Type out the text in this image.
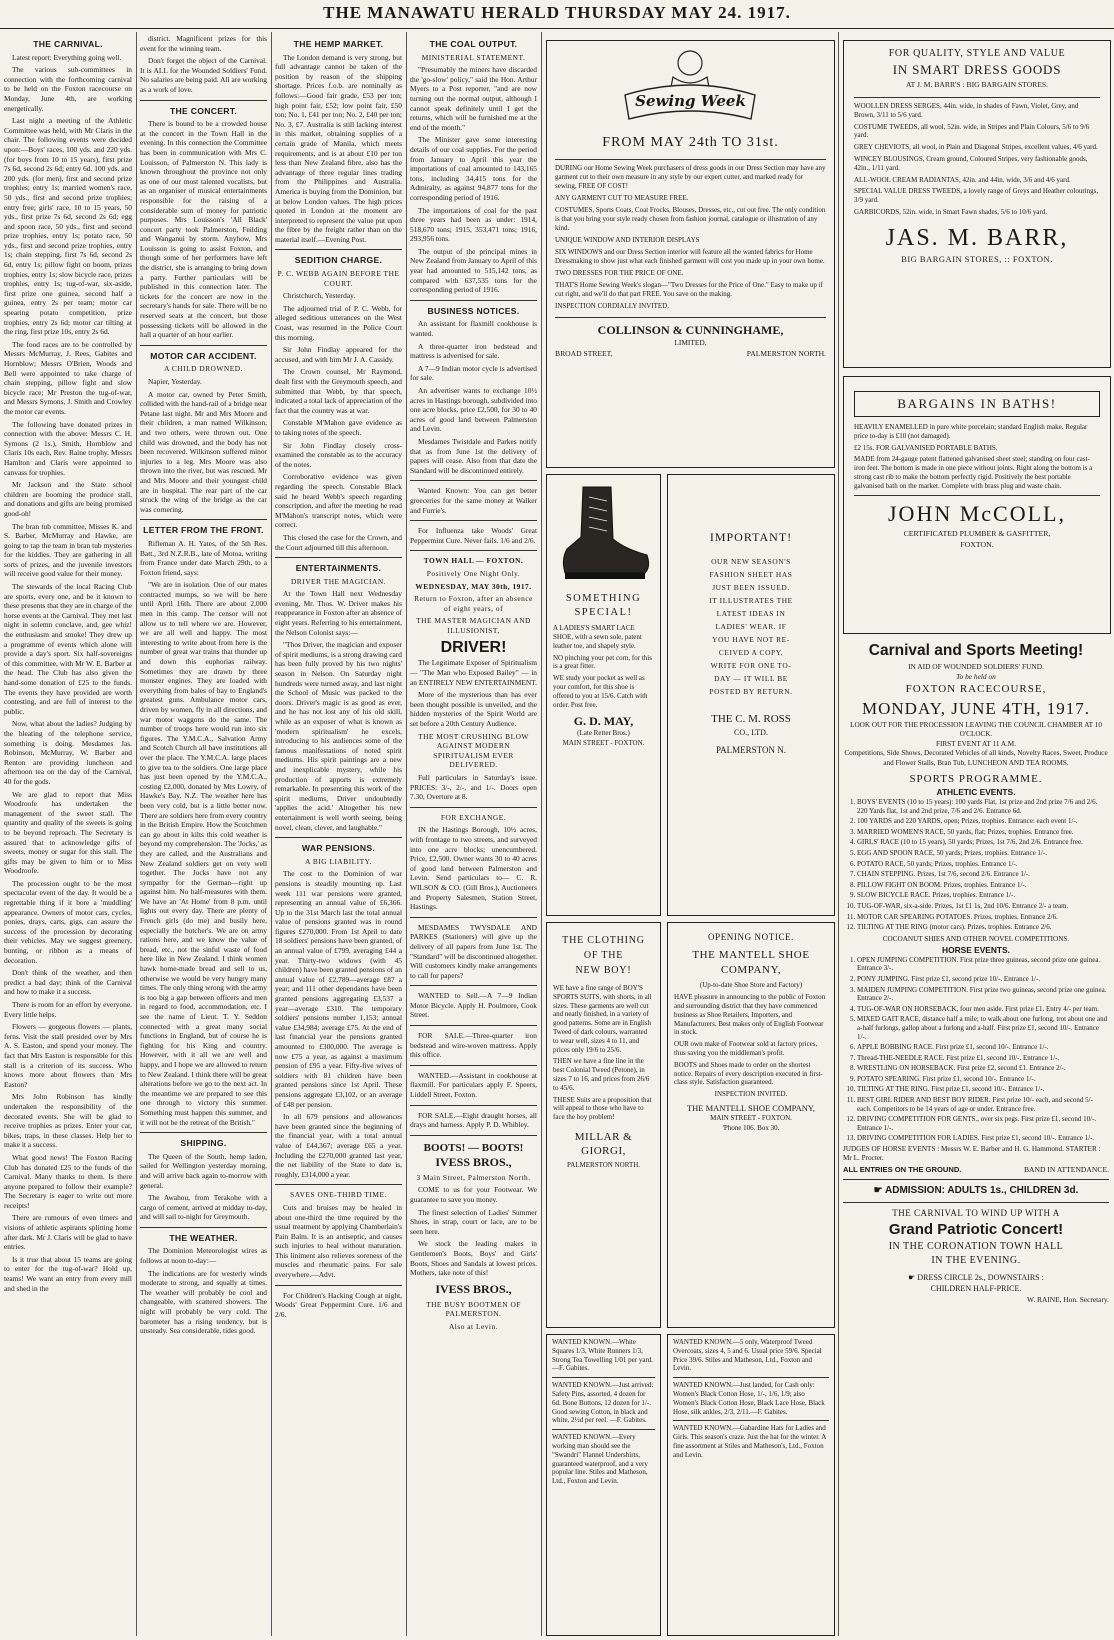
THE MANAWATU HERALD THURSDAY MAY 24. 1917.
THE CARNIVAL.

Latest report: Everything going well.

The various sub-committees in connection with the forthcoming carnival to be held on the Foxton racecourse on Monday, June 4th, are working energetically.

Last night a meeting of the Athletic Committee was held, with Mr Claris in the chair. The following events were decided upon:—Boys' races, 100 yds. and 220 yds. (for boys from 10 to 15 years), first prize 7s 6d, second 2s 6d; entry 6d. 100 yds. and 200 yds. (for men), first and second prize trophies; entry 1s; married women's race, 50 yds., first and second prize trophies; entry free; girls' race, 10 to 15 years, 50 yds., first prize 7s 6d, second 2s 6d; egg and spoon race, 50 yds., first and second prize trophies, entry 1s; potato race, 50 yds., first and second prize trophies, entry 1s; chain stepping, first 7s 6d, second 2s 6d, entry 1s; pillow fight on boom, prizes trophies, entry 1s; slow bicycle race, prizes trophies, entry 1s; tug-of-war, six-aside, first prize one guinea, second half a guinea, entry 2s per team; motor car spearing potato competition, prize trophies, entry 2s 6d; motor car tilting at the ring, first prize 10s, entry 2s 6d.

The food races are to be controlled by Messrs McMurray, J. Rees, Gabites and Hornblow; Messrs O'Brien, Woods and Bell were appointed to take charge of chain stepping, pillow fight and slow bicycle race; Mr Preston the tug-of-war, and Messrs Symons, J. Smith and Crowley the motor car events.

The following have donated prizes in connection with the above: Messrs C. H. Symons (2 1s.), Smith, Hornblow and Claris 10s each, Rev. Raine trophy. Messrs Hamlton and Claris were appointed to canvass for trophies.

Mr Jackson and the State school children are booming the produce stall, and donations and gifts are being promised good-oh!

The bran tub committee, Misses K. and S. Barber, McMurray and Hawke, are going to tap the team in bran tub mysteries for the kiddies. They are gathering in all sorts of prizes, and the juvenile investors will receive good value for their money.

The stewards of the local Racing Club are sports, every one, and be it known to these presents that they are in charge of the horse events at the Carnival. They met last night in solemn conclave, and, gee whiz! the enthusiasm and smoke! They drew up a programme of events which alone will provide a day's sport. Six half-sovereigns of this committee, with Mr W. E. Barber at the head. The Club has also given the hand-some donation of £25 to the funds. The events they have provided are worth contesting, and are full of interest to the public.

Now, what about the ladies? Judging by the bleating of the telephone service, something is doing. Mesdames Jas. Robinson, McMurray, W. Barber and Renton are providing luncheon and afternoon tea on the day of the Carnival, 40 for the gods.

We are glad to report that Miss Woodroofe has undertaken the management of the sweet stall. The quantity and quality of the sweets is going to be beyond reproach. The Secretary is assured that to acknowledge gifts of sweets, money or sugar for this stall. The gifts may be given to him or to Miss Woodroofe.

The procession ought to be the most spectacular event of the day. It would be a regrettable thing if it bore a 'muddling' appearance. Owners of motor cars, cycles, ponies, drays, carts, gigs, can assure the success of the procession by decorating their vehicles. May we suggest greenery, bunting, or ribbon as a means of decoration.

Don't think of the weather, and then predict a bad day; think of the Carnival and how to make it a success.

There is room for an effort by everyone. Every little helps.

Flowers — gorgeous flowers — plants, ferns. Visit the stall presided over by Mrs A. S. Easton, and spend your money. The fact that Mrs Easton is responsible for this stall is a criterion of its success. Who knows more about flowers than Mrs Easton?

Mrs John Robinson has kindly undertaken the responsibility of the decorated events. She will be glad to receive trophies as prizes. Enter your car, bikes, traps, in these classes. Help her to make it a success.

What good news! The Foxton Racing Club has donated £25 to the funds of the Carnival. Many thanks to them. Is there anyone prepared to follow their example? The Secretary is eager to write out more receipts!

There are rumours of even timers and visions of athletic aspirants splitting home after dark. Mr J. Claris will be glad to have entries.

Is it true that about 15 teams are going to enter for the tug-of-war? Hold up, teams! We want an entry from every mill and shed in the

district. Magnificent prizes for this event for the winning team.

Don't forget the object of the Carnival. It is ALL for the Wounded Soldiers' Fund. No salaries are being paid. All are working as a work of love.

THE CONCERT.

There is bound to be a crowded house at the concert in the Town Hall in the evening. In this connection the Committee has been in communication with Mrs C. Louisson, of Palmerston N. This lady is known throughout the province not only as one of our most talented vocalists, but as an organiser of musical entertainments responsible for the raising of a considerable sum of money for patriotic purposes. Mrs Louisson's 'All Black' concert party took Palmerston, Feilding and Wanganui by storm. Anyhow, Mrs Louisson is going to assist Foxton, and though some of her performers have left the district, she is arranging to bring down a party. Further particulars will be published in this connection later. The tickets for the concert are now in the secretary's hands for sale. There will be no reserved seats at the concert, but those possessing tickets will be allowed in the hall a quarter of an hour earlier.

MOTOR CAR ACCIDENT.
A CHILD DROWNED.

Napier, Yesterday.

A motor car, owned by Peter Smith, collided with the hand-rail of a bridge near Petane last night. Mr and Mrs Moore and their children, a man named Wilkinson, and two others, were thrown out. One child was drowned, and the body has not been recovered. Wilkinson suffered minor injuries to a leg. Mrs Moore was also thrown into the river, but was rescued. Mr and Mrs Moore and their youngest child are in hospital. The rear part of the car struck the wing of the bridge as the car was cornering.

LETTER FROM THE FRONT.

Rifleman A. H. Yates, of the 5th Res. Batt., 3rd N.Z.R.B., late of Motoa, writing from France under date March 29th, to a Foxton friend, says:

"We are in isolation. One of our mates contracted mumps, so we will be here until April 16th. There are about 2,000 men in this camp. The censor will not allow us to tell where we are. However, we are all well and happy. The most interesting to write about from here is the number of great war trains that thunder up and down this euphorias railway. Sometimes they are drawn by three monster engines. They are loaded with everything from bales of hay to England's greatest guns. Ambulance motor cars, driven by women, fly in all directions, and war motor waggons do the same. The number of troops here would run into six figures. The Y.M.C.A., Salvation Army and Scotch Church all have institutions all over the place. The Y.M.C.A. large places to give tea to the soldiers. One large place has just been opened by the Y.M.C.A., costing £2,000, donated by Mrs Lowry, of Hawke's Bay, N.Z. The weather here has been very cold, but is a little better now. There are soldiers here from every country in the British Empire. How the Scotchmen can go about in kilts this cold weather is beyond my comprehension. The 'Jocks,' as they are called, and the Australians and New Zealand soldiers get on very well together. The Jocks have not any sympathy for the German—right up against him. No half-measures with them. We have an 'At Home' from 8 p.m. until lights out every day. There are plenty of French girls (do me) and busily here, especially the butcher's. We are on army rations here, and we know the value of bread, etc., not the sinful waste of food here like in New Zealand. I think women hawk home-made bread and sell to us, otherwise we would be very hungry many times. The only thing wrong with the army is too big a gap between officers and men in regard to food, accommodation, etc. I see the name of Lieut. T. Y. Seddon connected with a great many social functions in England, but of course he is fighting for his King and country. However, with it all we are well and happy, and I hope we are allowed to return to New Zealand. I think there will be great alterations before we go to the next act. In the meantime we are prepared to see this one through to victory this summer. Something must happen this summer, and it will not be the retreat of the British."

SHIPPING.

The Queen of the South, hemp laden, sailed for Wellington yesterday morning, and will arrive back again to-morrow with general.

The Awahou, from Terakohe with a cargo of cement, arrived at midday to-day, and will sail to-night for Greymouth.

THE WEATHER.

The Dominion Meteorologist wires as follows at noon to-day:—

The indications are for westerly winds moderate to strong, and squally at times. The weather will probably be cool and changeable, with scattered showers. The night will probably be very cold. The barometer has a rising tendency, but is unsteady. Sea considerable, tides good.

THE HEMP MARKET.

The London demand is very strong, but full advantage cannot be taken of the position by reason of the shipping shortage. Prices f.o.b. are nominally as follows:—Good fair grade, £53 per ton; high point fair, £52; low point fair, £50 ton; No. 1, £41 per ton; No. 2, £40 per ton; No. 3, £7. Australia is still lacking interest in this market, obtaining supplies of a certain grade of Manila, which meets requirements, and is at about £10 per ton less than New Zealand fibre, also has the advantage of three regular lines trading from the Philippines and Australia. America is buying from the Dominion, but at below London values. The high prices quoted in London at the moment are interpreted to represent the value put upon the fibre by the freight rather than on the material itself.—Evening Post.

SEDITION CHARGE.
P. C. WEBB AGAIN BEFORE THE COURT.

Christchurch, Yesterday.

The adjourned trial of P. C. Webb, for alleged seditious utterances on the West Coast, was resumed in the Police Court this morning.

Sir John Findlay appeared for the accused, and with him Mr J. A. Cassidy.

The Crown counsel, Mr Raymond, dealt first with the Greymouth speech, and submitted that Webb, by that speech, indicated a total lack of appreciation of the fact that the country was at war.

Constable M'Mahon gave evidence as to taking notes of the speech.

Sir John Findlay closely cross-examined the constable as to the accuracy of the notes.

Corroborative evidence was given regarding the speech. Constable Black said he heard Webb's speech regarding conscription, and after the meeting he read M'Mahon's transcript notes, which were correct.

This closed the case for the Crown, and the Court adjourned till this afternoon.

ENTERTAINMENTS.
DRIVER THE MAGICIAN.

At the Town Hall next Wednesday evening, Mr. Thos. W. Driver makes his reappearance in Foxton after an absence of eight years. Referring to his entertainment, the Nelson Colonist says:—

"Thos Driver, the magician and exposer of spirit mediums, is a strong drawing card has been fully proved by his two nights' season in Nelson. On Saturday night hundreds were turned away, and last night the School of Music was packed to the doors. Driver's magic is as good as ever, and he has not lost any of his old skill, while as an exposer of what is known as 'modern spiritualism' he excels, introducing to his audiences some of the famous manifestations of noted spirit mediums. His spirit paintings are a new and inexplicable mystery, while his production of apports is extremely remarkable. In presenting this work of the spirit mediums, Driver undoubtedly 'applies the acid.' Altogether his new entertainment is well worth seeing, being novel, clean, clever, and laughable."

WAR PENSIONS.
A BIG LIABILITY.

The cost to the Dominion of war pensions is steadily mounting up. Last week 111 war pensions were granted, representing an annual value of £6,366. Up to the 31st March last the total annual value of pensions granted was in round figures £270,000. From 1st April to date 18 soldiers' pensions have been granted, of an annual value of £799, averaging £44 a year. Thirty-two widows (with 45 children) have been granted pensions of an annual value of £2,789—average £87 a year; and 111 other dependants have been granted pensions aggregating £3,537 a year—average £310. The temporary soldiers' pensions number 1,153; annual value £34,984; average £75. At the end of last financial year the pensions granted amounted to £300,000. The average is now £75 a year, as against a maximum pension of £95 a year. Fifty-five wives of soldiers with 81 children have been granted pensions since 1st April. These pensions aggregate £3,102, or an average of £48 per pension.

In all 679 pensions and allowances have been granted since the beginning of the financial year, with a total annual value of £44,367; average £65 a year. Including the £270,000 granted last year, the net liability of the State to date is, roughly, £314,000 a year.

SAVES ONE-THIRD TIME.

Cuts and bruises may be healed in about one-third the time required by the usual treatment by applying Chamberlain's Pain Balm. It is an antiseptic, and causes such injuries to heal without maturation. This liniment also relieves soreness of the muscles and rheumatic pains. For sale everywhere.—Advt.

For Children's Hacking Cough at night, Woods' Great Peppermint Cure. 1/6 and 2/6.

THE COAL OUTPUT.
MINISTERIAL STATEMENT.

"Presumably the miners have discarded the 'go-slow' policy," said the Hon. Arthur Myers to a Post reporter, "and are now turning out the normal output, although I cannot speak definitely until I get the returns, which will be furnished me at the end of the month."

The Minister gave some interesting details of our coal supplies. For the period from January to April this year the importations of coal amounted to 143,165 tons, including 34,415 tons for the Admiralty, as against 94,877 tons for the corresponding period of 1916.

The importations of coal for the past three years had been as under: 1914, 518,670 tons; 1915, 353,471 tons; 1916, 293,956 tons.

The output of the principal mines in New Zealand from January to April of this year had amounted to 515,142 tons, as compared with 637,535 tons for the corresponding period of 1916.

BUSINESS NOTICES.

An assistant for flaxmill cookhouse is wanted.

A three-quarter iron bedstead and mattress is advertised for sale.

A 7—9 Indian motor cycle is advertised for sale.

An advertiser wants to exchange 10½ acres in Hastings borough, subdivided into one acre blocks, price £2,500, for 30 to 40 acres of good land between Palmerston and Levin.

Mesdames Twistdale and Parkes notify that as from June 1st the delivery of papers will cease. Also from that date the Standard will be discontinued entirely.

Wanted Known: You can get better greeceries for the same money at Walker and Furrie's.

For Influenza take Woods' Great Peppermint Cure. Never fails. 1/6 and 2/6.

TOWN HALL — FOXTON.
Positively One Night Only.
WEDNESDAY, MAY 30th, 1917.
Return to Foxton, after an absence of eight years, of
THE MASTER MAGICIAN AND ILLUSIONIST,
DRIVER!

The Legitimate Exposer of Spiritualism — "The Man who Exposed Bailey" — in an ENTIRELY NEW ENTERTAINMENT.

More of the mysterious than has ever been thought possible is unveiled, and the hidden mysteries of the Spirit World are set before a 20th Century Audience.

THE MOST CRUSHING BLOW AGAINST MODERN SPIRITUALISM EVER DELIVERED.

Full particulars in Saturday's issue. PRICES: 3/-, 2/-, and 1/-. Doors open 7.30, Overture at 8.

FOR EXCHANGE.

IN the Hastings Borough, 10½ acres, with frontage to two streets, and surveyed into one acre blocks; unencumbered. Price, £2,500. Owner wants 30 to 40 acres of good land between Palmerston and Levin. Send particulars to— C. R. WILSON & CO. (Gill Bros.), Auctioneers and Property Salesmen, Station Street, Hastings.

MESDAMES TWYSDALE AND PARKES (Stationers) will give up the delivery of all papers from June 1st. The "Standard" will be discontinued altogether. Will customers kindly make arrangements to call for papers?

WANTED to Sell.—A 7—9 Indian Motor Bicycle. Apply H. Poulmore, Cook Street.

FOR SALE.—Three-quarter iron bedstead and wire-woven mattress. Apply this office.

WANTED.—Assistant in cookhouse at flaxmill. For particulars apply F. Speers, Liddell Street, Foxton.

FOR SALE.—Eight draught horses, all drays and harness. Apply P. D. Whibley.

BOOTS! — BOOTS!
IVESS BROS.,
3 Main Street, Palmerston North.

COME to us for your Footwear. We guarantee to save you money.

The finest selection of Ladies' Summer Shoes, in strap, court or lace, are to be seen here.

We stock the leading makes in Gentlemen's Boots, Boys' and Girls' Boots, Shoes and Sandals at lowest prices. Mothers, take note of this!

IVESS BROS.,
THE BUSY BOOTMEN OF PALMERSTON.
Also at Levin.
Sewing Week
FROM MAY 24th TO 31st.

DURING our Home Sewing Week purchasers of dress goods in our Dress Section may have any garment cut to their own measure in any style by our expert cutter, and marked ready for sewing, FREE OF COST!

ANY GARMENT CUT TO MEASURE FREE.

COSTUMES, Sports Coats, Coat Frocks, Blouses, Dresses, etc., cut out free. The only condition is that you bring your style ready chosen from fashion journal, catalogue or illustration of any kind.

UNIQUE WINDOW AND INTERIOR DISPLAYS

SIX WINDOWS and our Dress Section interior will feature all the wanted fabrics for Home Dressmaking to show just what each finished garment will cost you made up in your own home.

TWO DRESSES FOR THE PRICE OF ONE.

THAT'S Home Sewing Week's slogan—"Two Dresses for the Price of One." Easy to make up if cut right, and we'll do that part FREE. You save on the making.

INSPECTION CORDIALLY INVITED.

COLLINSON & CUNNINGHAME,
LIMITED,
BROAD STREET,	PALMERSTON NORTH.
SOMETHING
SPECIAL!

A LADIES'S SMART LACE SHOE, with a sewn sole, patent leather toe, and shapely style.

NO pinching your pet corn, for this is a great fitter.

WE study your pocket as well as your comfort, for this shoe is offered to you at 15/6. Catch with order. Post free.

G. D. MAY,
(Late Retter Bros.)
MAIN STREET - FOXTON.
IMPORTANT!
OUR NEW SEASON'S
FASHION SHEET HAS
JUST BEEN ISSUED.
IT ILLUSTRATES THE
LATEST IDEAS IN
LADIES' WEAR. IF
YOU HAVE NOT RE-
CEIVED A COPY,
WRITE FOR ONE TO-
DAY — IT WILL BE
POSTED BY RETURN.
THE C. M. ROSS
CO., LTD.
PALMERSTON N.
THE CLOTHING
OF THE
NEW BOY!

WE have a fine range of BOY'S SPORTS SUITS, with shorts, in all sizes. These garments are well cut and neatly finished, in a variety of good patterns. Some are in English Tweed of dark colours, warranted to wear well, sizes 4 to 11, and prices only 19/6 to 25/6.

THEN we have a fine line in the best Colonial Tweed (Petone), in sizes 7 to 16, and prices from 26/6 to 45/6.

THESE Suits are a proposition that will appeal to those who have to face the boy problem!

MILLAR & GIORGI,
PALMERSTON NORTH.
OPENING NOTICE.
THE MANTELL SHOE COMPANY,
(Up-to-date Shoe Store and Factory)

HAVE pleasure in announcing to the public of Foxton and surrounding district that they have commenced business as Shoe Retailers, Importers, and Manufacturers. Best makes only of English Footwear in stock.

OUR own make of Footwear sold at factory prices, thus saving you the middleman's profit.

BOOTS and Shoes made to order on the shortest notice. Repairs of every description executed in first-class style. Satisfaction guaranteed.

INSPECTION INVITED.
THE MANTELL SHOE COMPANY,
MAIN STREET - FOXTON.
'Phone 106. Box 30.

WANTED KNOWN.—White Squares 1/3, White Runners 1/3, Strong Tea Towelling 1/01 per yard.—F. Gabites.

WANTED KNOWN.—Just arrived: Safety Pins, assorted, 4 dozen for 6d. Bone Buttons, 12 dozen for 1/-. Good sewing Cotton, in black and white, 2½d per reel. —F. Gabites.

WANTED KNOWN.—Every working man should see the "Swandri" Flannel Undershirts, guaranteed waterproof, and a very popular line. Stiles and Matheson, Ltd., Foxton and Levin.

WANTED KNOWN.—5 only, Waterproof Tweed Overcoats, sizes 4, 5 and 6. Usual price 59/6. Special Price 39/6. Stiles and Matheson, Ltd., Foxton and Levin.

WANTED KNOWN.—Just landed, for Cash only: Women's Black Cotton Hose, 1/-, 1/6, 1/9; also Women's Black Cotton Hose, Black Lace Hose, Black Hose, silk ankles, 2/3, 2/11.—F. Gabites.

WANTED KNOWN.—Gabardine Hats for Ladies and Girls. This season's craze. Just the hat for the winter. A fine assortment at Stiles and Matheson's, Ltd., Foxton and Levin.

FOR QUALITY, STYLE AND VALUE
IN SMART DRESS GOODS
AT J. M. BARR'S : BIG BARGAIN STORES.

WOOLLEN DRESS SERGES, 44in. wide, in shades of Fawn, Violet, Grey, and Brown, 3/11 to 5/6 yard.

COSTUME TWEEDS, all wool, 52in. wide, in Stripes and Plain Colours, 5/6 to 9/6 yard.

GREY CHEVIOTS, all wool, in Plain and Diagonal Stripes, excellent values, 4/6 yard.

WINCEY BLOUSINGS, Cream ground, Coloured Stripes, very fashionable goods, 42in., 1/11 yard.

ALL-WOOL CREAM RADIANTAS, 42in. and 44in. wide, 3/6 and 4/6 yard.

SPECIAL VALUE DRESS TWEEDS, a lovely range of Greys and Heather colourings, 3/9 yard.

GARBICORDS, 52in. wide, in Smart Fawn shades, 5/6 to 10/6 yard.

JAS. M. BARR,
BIG BARGAIN STORES, :: FOXTON.
BARGAINS IN BATHS!

HEAVILY ENAMELLED in pure white porcelain; standard English make. Regular price to-day is £10 (not damaged).

£2 15s. FOR GALVANISED PORTABLE BATHS.

MADE from 24-gauge patent flattened galvanised sheet steel; standing on four cast-iron feet. The bottom is made in one piece without joints. Right along the bottom is a strong cast rib to make the bottom perfectly rigid. Positively the best portable galvanised bath on the market. Complete with brass plug and waste chain.

JOHN McCOLL,
CERTIFICATED PLUMBER & GASFITTER,
FOXTON.
Carnival and Sports Meeting!
IN AID OF WOUNDED SOLDIERS' FUND.
To be held on
FOXTON RACECOURSE,
MONDAY, JUNE 4TH, 1917.
LOOK OUT FOR THE PROCESSION LEAVING THE COUNCIL CHAMBER AT 10 O'CLOCK.
FIRST EVENT AT 11 A.M.
Competitions, Side Shows, Decorated Vehicles of all kinds, Novelty Races, Sweet, Produce and Flower Stalls, Bran Tub, LUNCHEON AND TEA ROOMS.
SPORTS PROGRAMME.
ATHLETIC EVENTS.
1. BOYS' EVENTS (10 to 15 years): 100 yards Flat, 1st prize and 2nd prize 7/6 and 2/6. 220 Yards flat, 1st and 2nd prize, 7/6 and 2/6. Entrance 6d.
2. 100 YARDS and 220 YARDS, open; Prizes, trophies. Entrance: each event 1/-.
3. MARRIED WOMEN'S RACE, 50 yards, flat; Prizes, trophies. Entrance free.
4. GIRLS' RACE (10 to 15 years), 50 yards; Prizes, 1st 7/6, 2nd 2/6. Entrance free.
5. EGG AND SPOON RACE, 50 yards; Prizes, trophies. Entrance 1/-.
6. POTATO RACE, 50 yards; Prizes, trophies. Entrance 1/-.
7. CHAIN STEPPING. Prizes, 1st 7/6, second 2/6. Entrance 1/-.
8. PILLOW FIGHT ON BOOM. Prizes, trophies. Entrance 1/-.
9. SLOW BICYCLE RACE. Prizes, trophies. Entrance 1/-.
10. TUG-OF-WAR, six-a-side. Prizes, 1st £1 1s, 2nd 10/6. Entrance 2/- a team.
11. MOTOR CAR SPEARING POTATOES. Prizes, trophies. Entrance 2/6.
12. TILTING AT THE RING (motor cars). Prizes, trophies. Entrance 2/6.
COCOANUT SHIES AND OTHER NOVEL COMPETITIONS.
HORSE EVENTS.
1. OPEN JUMPING COMPETITION. First prize three guineas, second prize one guinea. Entrance 3/-.
2. PONY JUMPING. First prize £1, second prize 10/-. Entrance 1/-.
3. MAIDEN JUMPING COMPETITION. First prize two guineas, second prize one guinea. Entrance 2/-.
4. TUG-OF-WAR ON HORSEBACK, four men aside. First prize £1. Entry 4/- per team.
5. MIXED GAIT RACE, distance half a mile; to walk about one furlong, trot about one and a-half furlongs, gallop about a furlong and a-half. First prize £1, second 10/-. Entrance 1/-.
6. APPLE BOBBING RACE. First prize £1, second 10/-. Entrance 1/-.
7. Thread-THE-NEEDLE RACE. First prize £1, second 10/-. Entrance 1/-.
8. WRESTLING ON HORSEBACK. First prize £2, second £1. Entrance 2/-.
9. POTATO SPEARING. First prize £1, second 10/-. Entrance 1/-.
10. TILTING AT THE RING. First prize £1, second 10/-. Entrance 1/-.
11. BEST GIRL RIDER AND BEST BOY RIDER. First prize 10/- each, and second 5/- each. Competitors to be 14 years of age or under. Entrance free.
12. DRIVING COMPETITION FOR GENTS., over six pegs. First prize £1, second 10/-. Entrance 1/-.
13. DRIVING COMPETITION FOR LADIES. First prize £1, second 10/-. Entrance 1/-.
JUDGES OF HORSE EVENTS : Messrs W. E. Barber and H. G. Hammond. STARTER : Mr L. Procter.
ALL ENTRIES ON THE GROUND.	BAND IN ATTENDANCE.
☛ ADMISSION: ADULTS 1s., CHILDREN 3d.
THE CARNIVAL TO WIND UP WITH A
Grand Patriotic Concert!
IN THE CORONATION TOWN HALL
IN THE EVENING.
☛ DRESS CIRCLE 2s., DOWNSTAIRS :
CHILDREN HALF-PRICE.
W. RAINE, Hon. Secretary.
